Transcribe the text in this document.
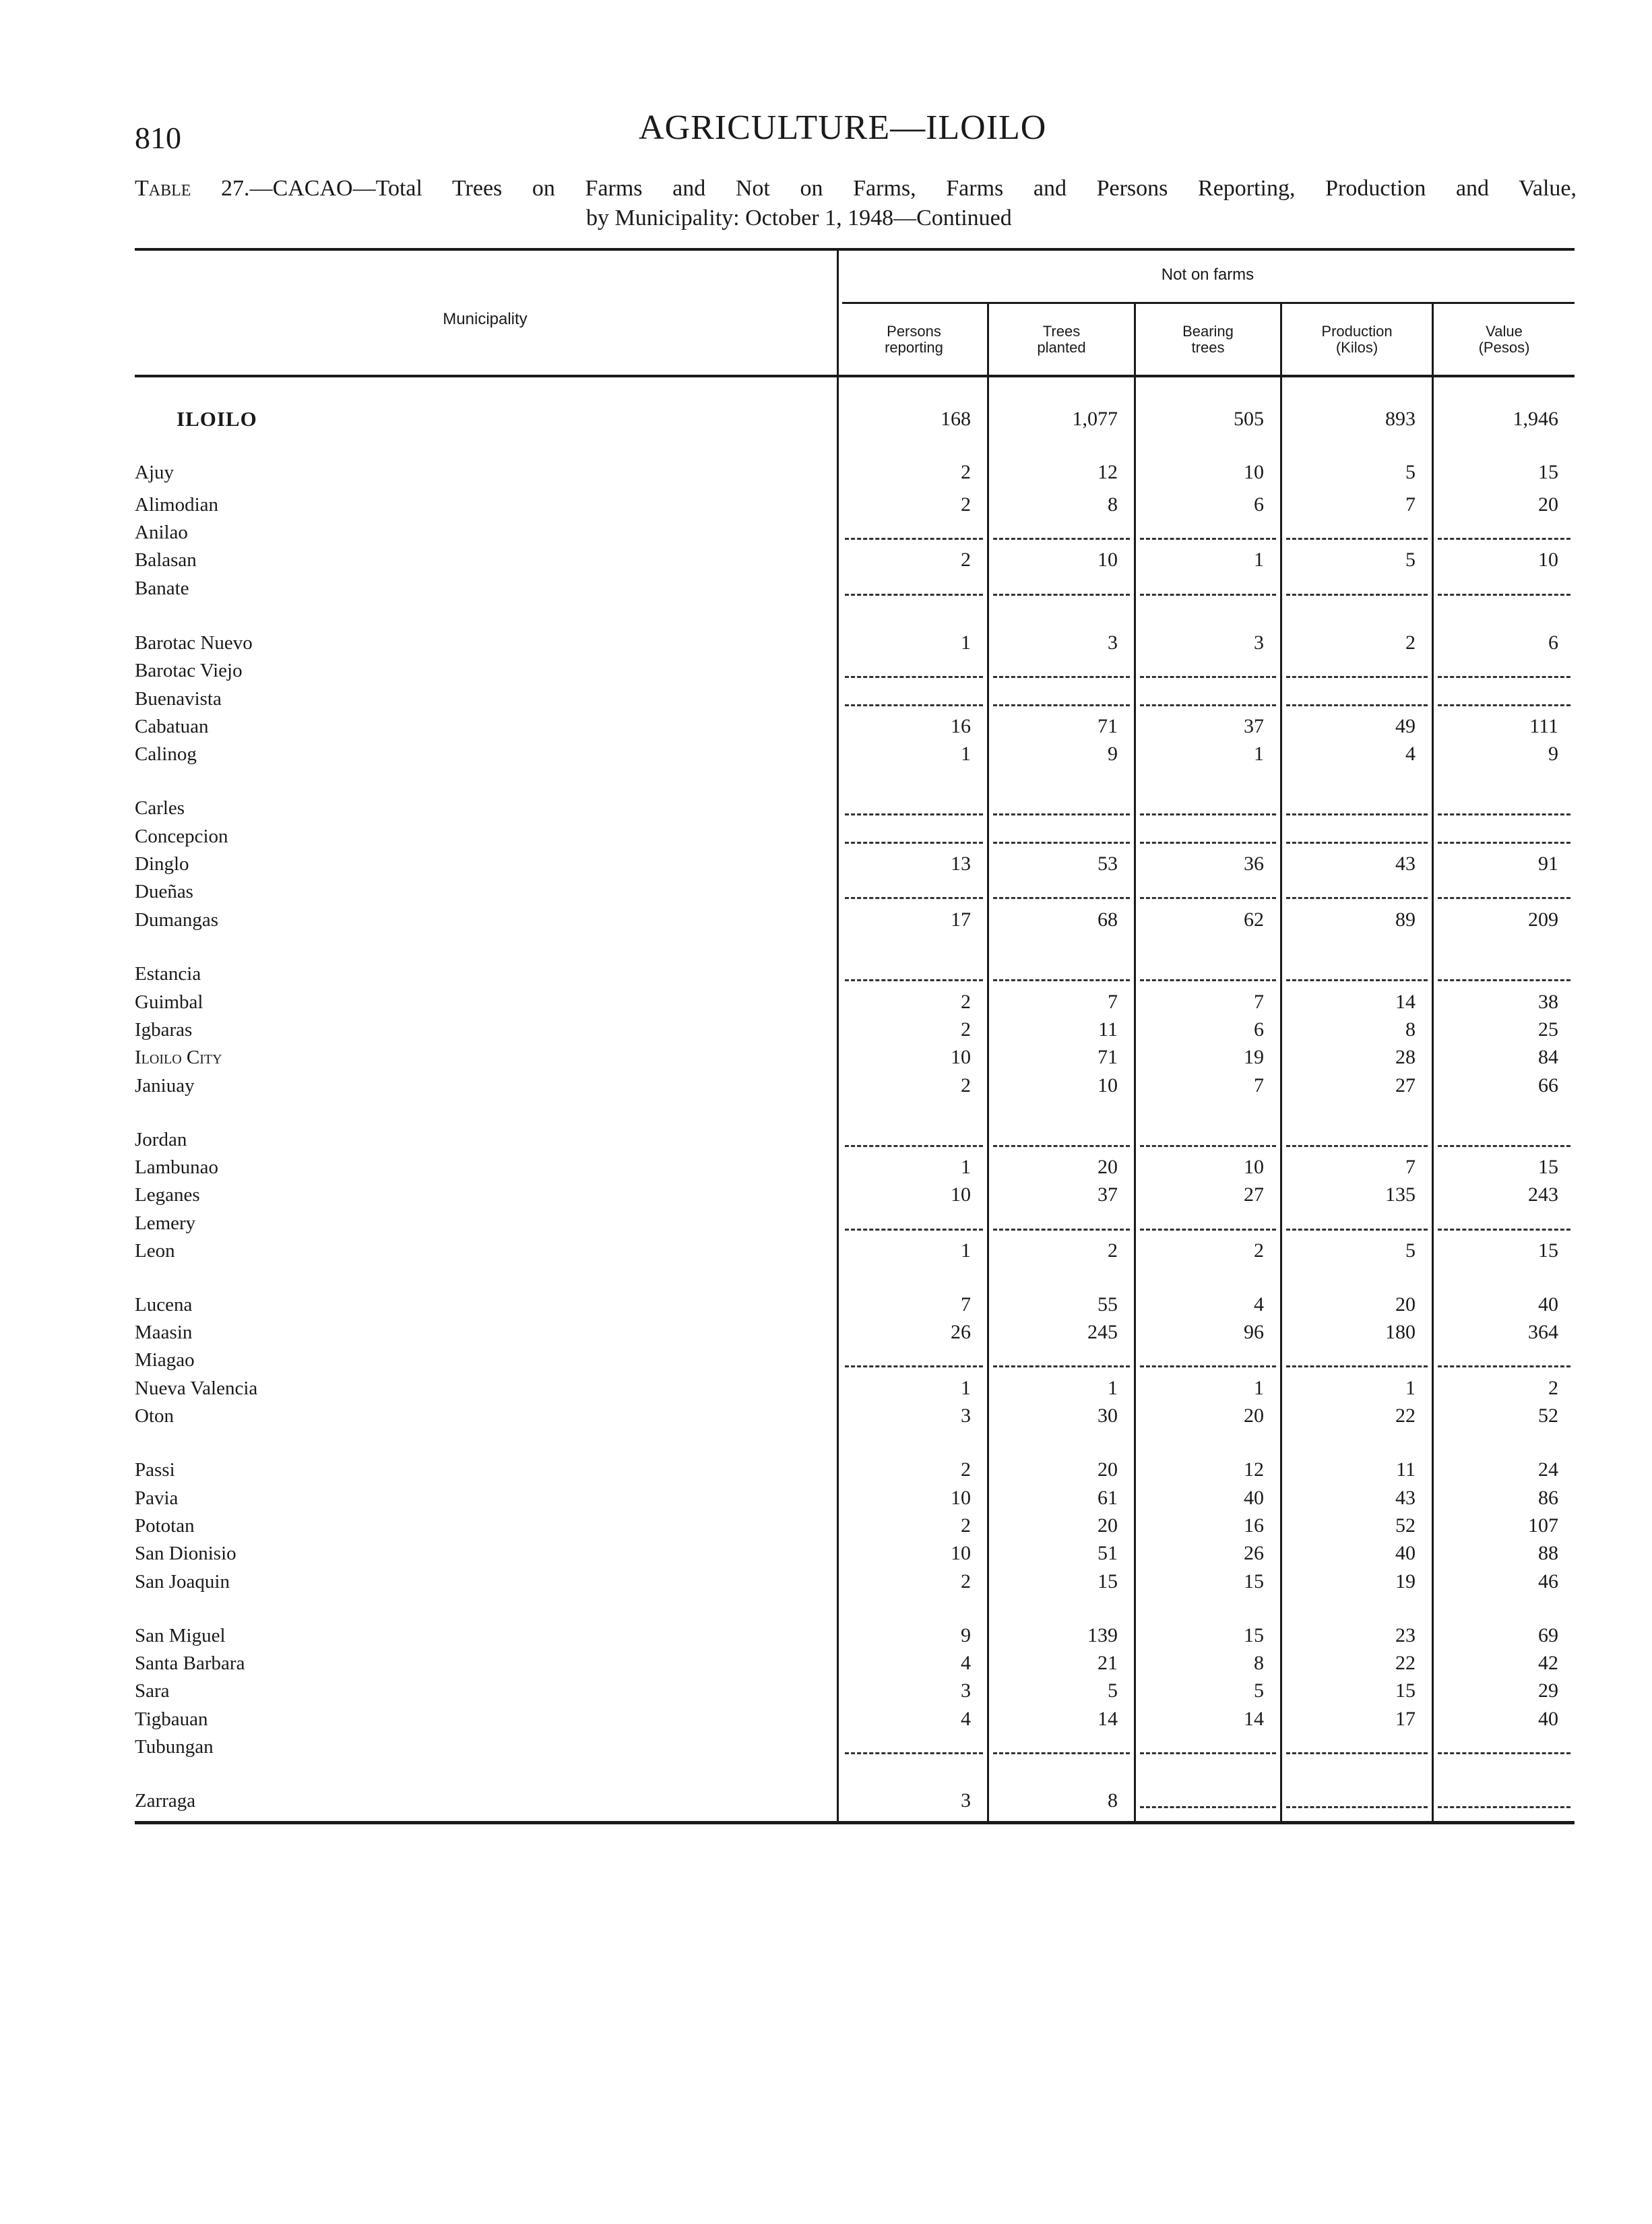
810	AGRICULTURE—ILOILO
Table 27.—CACAO—Total Trees on Farms and Not on Farms, Farms and Persons Reporting, Production and Value,
by Municipality: October 1, 1948—Continued
Municipality
Not on farms
Persons
reporting
Trees
planted
Bearing
trees
Production
(Kilos)
Value
(Pesos)
ILOILO	168	1,077	505	893	1,946
Ajuy	2	12	10	5	15
Alimodian	2	8	6	7	20
Anilao
Balasan	2	10	1	5	10
Banate
Barotac Nuevo	1	3	3	2	6
Barotac Viejo
Buenavista
Cabatuan	16	71	37	49	111
Calinog	1	9	1	4	9
Carles
Concepcion
Dinglo	13	53	36	43	91
Dueñas
Dumangas	17	68	62	89	209
Estancia
Guimbal	2	7	7	14	38
Igbaras	2	11	6	8	25
Iloilo City	10	71	19	28	84
Janiuay	2	10	7	27	66
Jordan
Lambunao	1	20	10	7	15
Leganes	10	37	27	135	243
Lemery
Leon	1	2	2	5	15
Lucena	7	55	4	20	40
Maasin	26	245	96	180	364
Miagao
Nueva Valencia	1	1	1	1	2
Oton	3	30	20	22	52
Passi	2	20	12	11	24
Pavia	10	61	40	43	86
Pototan	2	20	16	52	107
San Dionisio	10	51	26	40	88
San Joaquin	2	15	15	19	46
San Miguel	9	139	15	23	69
Santa Barbara	4	21	8	22	42
Sara	3	5	5	15	29
Tigbauan	4	14	14	17	40
Tubungan
Zarraga	3	8
